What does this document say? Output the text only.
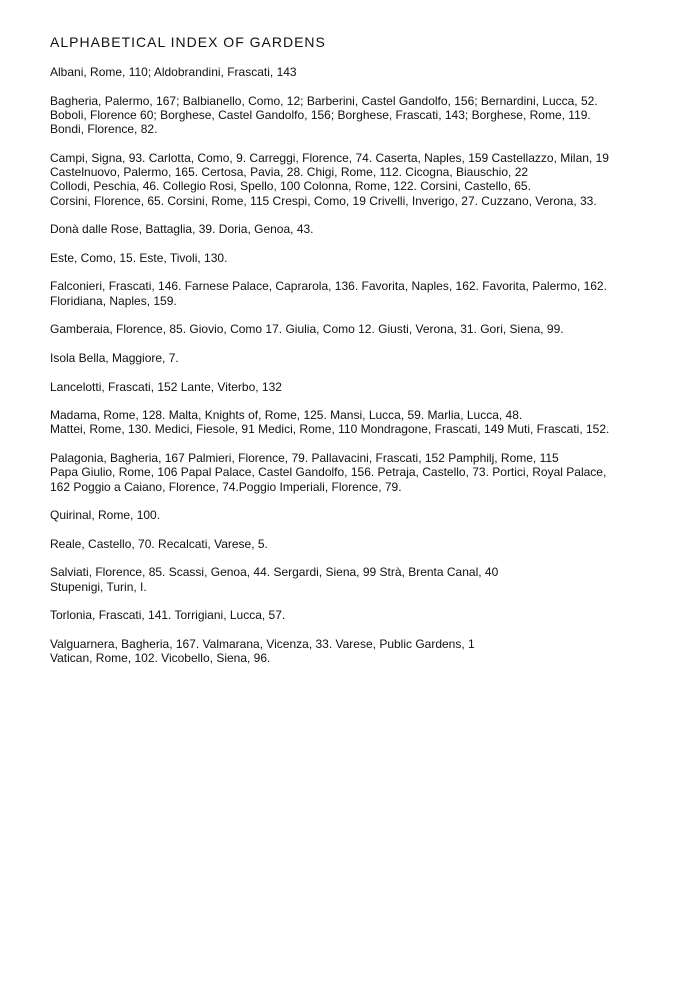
ALPHABETICAL INDEX OF GARDENS

Albani, Rome, 110; Aldobrandini, Frascati, 143

Bagheria, Palermo, 167; Balbianello, Como, 12; Barberini, Castel Gandolfo, 156; Bernardini, Lucca, 52.
Boboli, Florence 60; Borghese, Castel Gandolfo, 156; Borghese, Frascati, 143; Borghese, Rome, 119.
Bondi, Florence, 82.

Campi, Signa, 93. Carlotta, Como, 9. Carreggi, Florence, 74. Caserta, Naples, 159 Castellazzo, Milan, 19
Castelnuovo, Palermo, 165. Certosa, Pavia, 28. Chigi, Rome, 112. Cicogna, Biauschio, 22
Collodi, Peschia, 46. Collegio Rosi, Spello, 100 Colonna, Rome, 122. Corsini, Castello, 65.
Corsini, Florence, 65. Corsini, Rome, 115 Crespi, Como, 19 Crivelli, Inverigo, 27. Cuzzano, Verona, 33.

Donà dalle Rose, Battaglia, 39. Doria, Genoa, 43.

Este, Como, 15. Este, Tivoli, 130.

Falconieri, Frascati, 146. Farnese Palace, Caprarola, 136. Favorita, Naples, 162. Favorita, Palermo, 162. Floridiana, Naples, 159.

Gamberaia, Florence, 85. Giovio, Como 17. Giulia, Como 12. Giusti, Verona, 31. Gori, Siena, 99.

Isola Bella, Maggiore, 7.

Lancelotti, Frascati, 152 Lante, Viterbo, 132

Madama, Rome, 128. Malta, Knights of, Rome, 125. Mansi, Lucca, 59. Marlia, Lucca, 48.
Mattei, Rome, 130. Medici, Fiesole, 91 Medici, Rome, 110 Mondragone, Frascati, 149 Muti, Frascati, 152.

Palagonia, Bagheria, 167 Palmieri, Florence, 79. Pallavacini, Frascati, 152 Pamphilj, Rome, 115
Papa Giulio, Rome, 106 Papal Palace, Castel Gandolfo, 156. Petraja, Castello, 73. Portici, Royal Palace, 162 Poggio a Caiano, Florence, 74.Poggio Imperiali, Florence, 79.

Quirinal, Rome, 100.

Reale, Castello, 70. Recalcati, Varese, 5.

Salviati, Florence, 85. Scassi, Genoa, 44. Sergardi, Siena, 99 Strà, Brenta Canal, 40
Stupenigi, Turin, I.

Torlonia, Frascati, 141. Torrigiani, Lucca, 57.

Valguarnera, Bagheria, 167. Valmarana, Vicenza, 33. Varese, Public Gardens, 1
Vatican, Rome, 102. Vicobello, Siena, 96.
